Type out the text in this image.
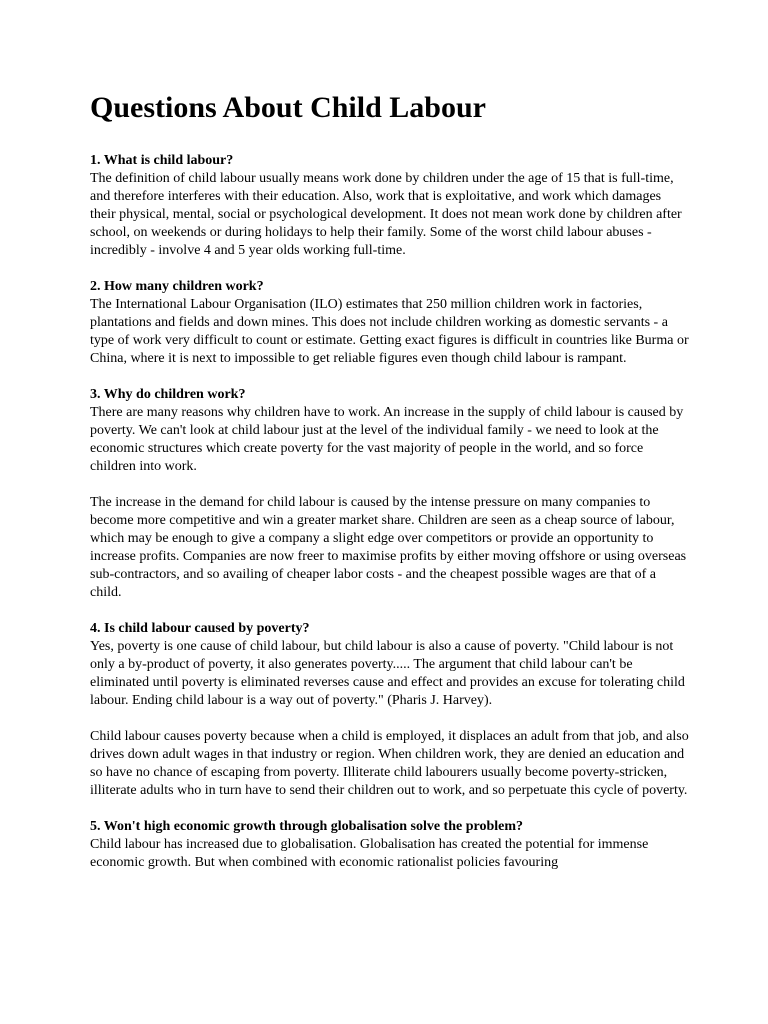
Questions About Child Labour
1. What is child labour?

The definition of child labour usually means work done by children under the age of 15 that is full-time, and therefore interferes with their education. Also, work that is exploitative, and work which damages their physical, mental, social or psychological development. It does not mean work done by children after school, on weekends or during holidays to help their family. Some of the worst child labour abuses - incredibly - involve 4 and 5 year olds working full-time.

2. How many children work?

The International Labour Organisation (ILO) estimates that 250 million children work in factories, plantations and fields and down mines. This does not include children working as domestic servants - a type of work very difficult to count or estimate. Getting exact figures is difficult in countries like Burma or China, where it is next to impossible to get reliable figures even though child labour is rampant.

3. Why do children work?

There are many reasons why children have to work. An increase in the supply of child labour is caused by poverty. We can't look at child labour just at the level of the individual family - we need to look at the economic structures which create poverty for the vast majority of people in the world, and so force children into work.

The increase in the demand for child labour is caused by the intense pressure on many companies to become more competitive and win a greater market share. Children are seen as a cheap source of labour, which may be enough to give a company a slight edge over competitors or provide an opportunity to increase profits. Companies are now freer to maximise profits by either moving offshore or using overseas sub-contractors, and so availing of cheaper labor costs - and the cheapest possible wages are that of a child.

4. Is child labour caused by poverty?

Yes, poverty is one cause of child labour, but child labour is also a cause of poverty. "Child labour is not only a by-product of poverty, it also generates poverty..... The argument that child labour can't be eliminated until poverty is eliminated reverses cause and effect and provides an excuse for tolerating child labour. Ending child labour is a way out of poverty." (Pharis J. Harvey).

Child labour causes poverty because when a child is employed, it displaces an adult from that job, and also drives down adult wages in that industry or region. When children work, they are denied an education and so have no chance of escaping from poverty. Illiterate child labourers usually become poverty-stricken, illiterate adults who in turn have to send their children out to work, and so perpetuate this cycle of poverty.

5. Won't high economic growth through globalisation solve the problem?

Child labour has increased due to globalisation. Globalisation has created the potential for immense economic growth. But when combined with economic rationalist policies favouring
